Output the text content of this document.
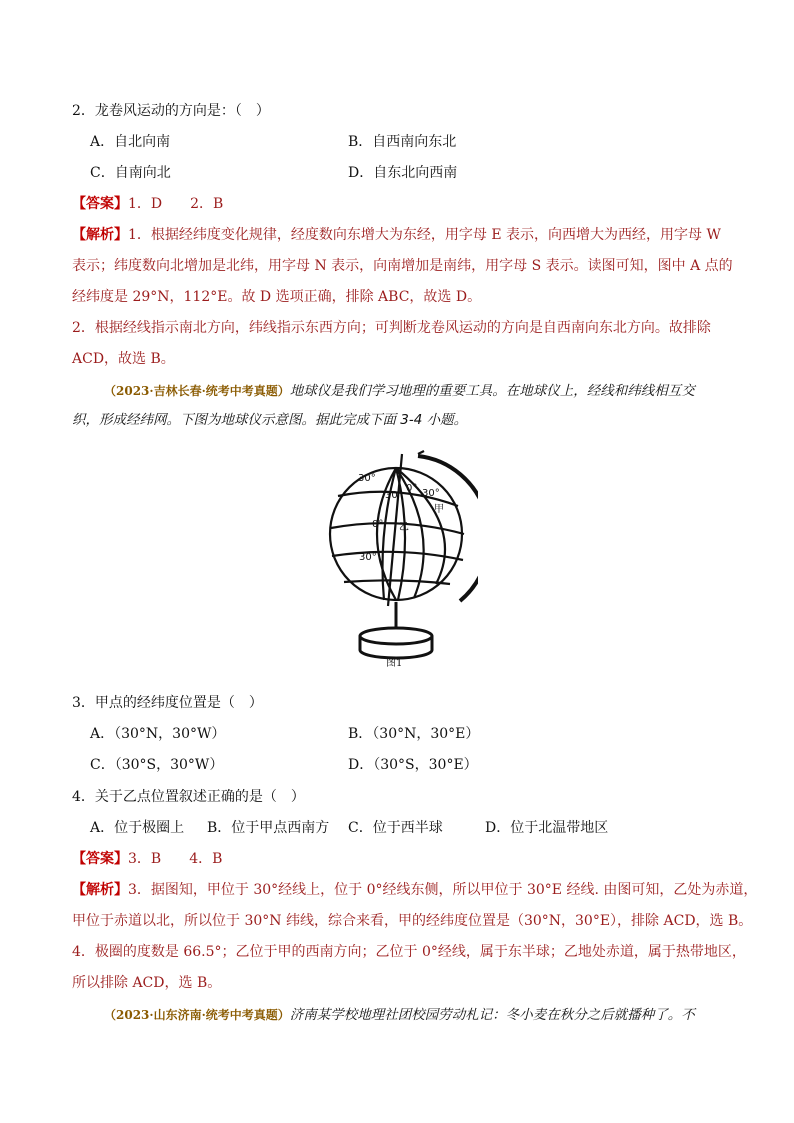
2．龙卷风运动的方向是：（　）
A．自北向南	B．自西南向东北
C．自南向北	D．自东北向西南
【答案】1．D　　2．B
【解析】1．根据经纬度变化规律，经度数向东增大为东经，用字母 E 表示，向西增大为西经，用字母 W
表示；纬度数向北增加是北纬，用字母 N 表示，向南增加是南纬，用字母 S 表示。读图可知，图中 A 点的
经纬度是 29°N，112°E。故 D 选项正确，排除 ABC，故选 D。
2．根据经线指示南北方向，纬线指示东西方向；可判断龙卷风运动的方向是自西南向东北方向。故排除
ACD，故选 B。
（2023·吉林长春·统考中考真题）地球仪是我们学习地理的重要工具。在地球仪上，经线和纬线相互交
织，形成经纬网。下图为地球仪示意图。据此完成下面 3-4 小题。
30°
0°
30° 30°
甲
0° 乙
30°
图1
3．甲点的经纬度位置是（　）
A．（30°N，30°W）	B．（30°N，30°E）
C．（30°S，30°W）	D．（30°S，30°E）
4．关于乙点位置叙述正确的是（　）
A．位于极圈上 B．位于甲点西南方 C．位于西半球	D．位于北温带地区
【答案】3．B　　4．B
【解析】3．据图知，甲位于 30°经线上，位于 0°经线东侧，所以甲位于 30°E 经线. 由图可知，乙处为赤道，
甲位于赤道以北，所以位于 30°N 纬线，综合来看，甲的经纬度位置是（30°N，30°E），排除 ACD，选 B。
4．极圈的度数是 66.5°；乙位于甲的西南方向；乙位于 0°经线，属于东半球；乙地处赤道，属于热带地区，
所以排除 ACD，选 B。
（2023·山东济南·统考中考真题）济南某学校地理社团校园劳动札记：冬小麦在秋分之后就播种了。不
